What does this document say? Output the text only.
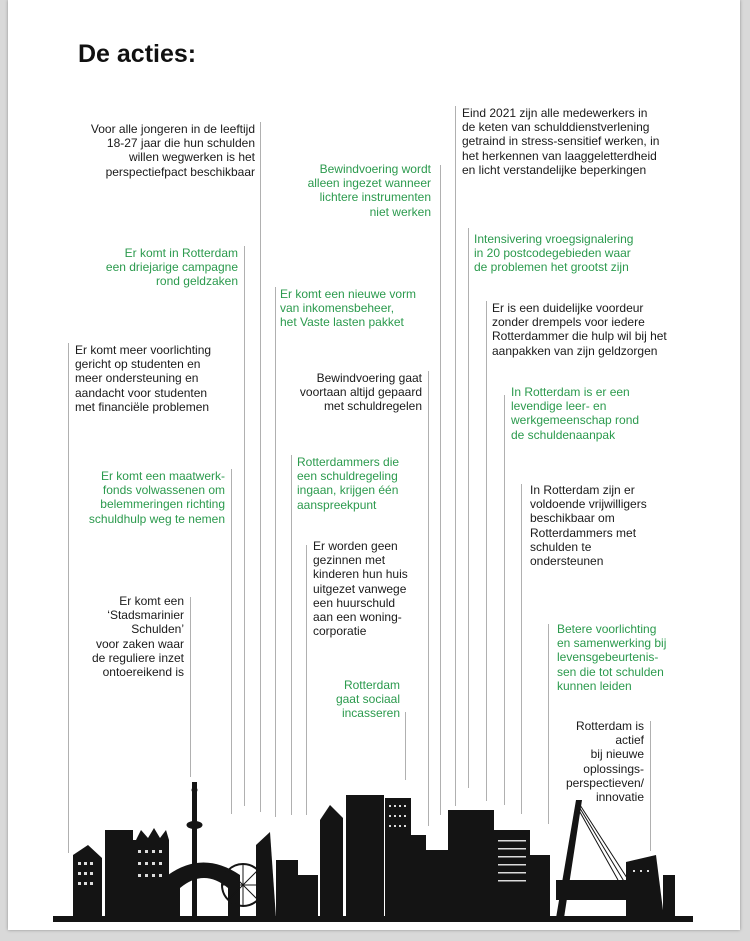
De acties:
Voor alle jongeren in de leeftijd
18-27 jaar die hun schulden
willen wegwerken is het
perspectiefpact beschikbaar
Er komt in Rotterdam
een driejarige campagne
rond geldzaken
Er komt meer voorlichting
gericht op studenten en
meer ondersteuning en
aandacht voor studenten
met financiële problemen
Er komt een maatwerk-
fonds volwassenen om
belemmeringen richting
schuldhulp weg te nemen
Er komt een
‘Stadsmarinier
Schulden’
voor zaken waar
de reguliere inzet
ontoereikend is
Bewindvoering wordt
alleen ingezet wanneer
lichtere instrumenten
niet werken
Er komt een nieuwe vorm
van inkomensbeheer,
het Vaste lasten pakket
Bewindvoering gaat
voortaan altijd gepaard
met schuldregelen
Rotterdammers die
een schuldregeling
ingaan, krijgen één
aanspreekpunt
Er worden geen
gezinnen met
kinderen hun huis
uitgezet vanwege
een huurschuld
aan een woning-
corporatie
Rotterdam
gaat sociaal
incasseren
Eind 2021 zijn alle medewerkers in
de keten van schulddienstverlening
getraind in stress-sensitief werken, in
het herkennen van laaggeletterdheid
en licht verstandelijke beperkingen
Intensivering vroegsignalering
in 20 postcodegebieden waar
de problemen het grootst zijn
Er is een duidelijke voordeur
zonder drempels voor iedere
Rotterdammer die hulp wil bij het
aanpakken van zijn geldzorgen
In Rotterdam is er een
levendige leer- en
werkgemeenschap rond
de schuldenaanpak
In Rotterdam zijn er
voldoende vrijwilligers
beschikbaar om
Rotterdammers met
schulden te
ondersteunen
Betere voorlichting
en samenwerking bij
levensgebeurtenis-
sen die tot schulden
kunnen leiden
Rotterdam is
actief
bij nieuwe
oplossings-
perspectieven/
innovatie
